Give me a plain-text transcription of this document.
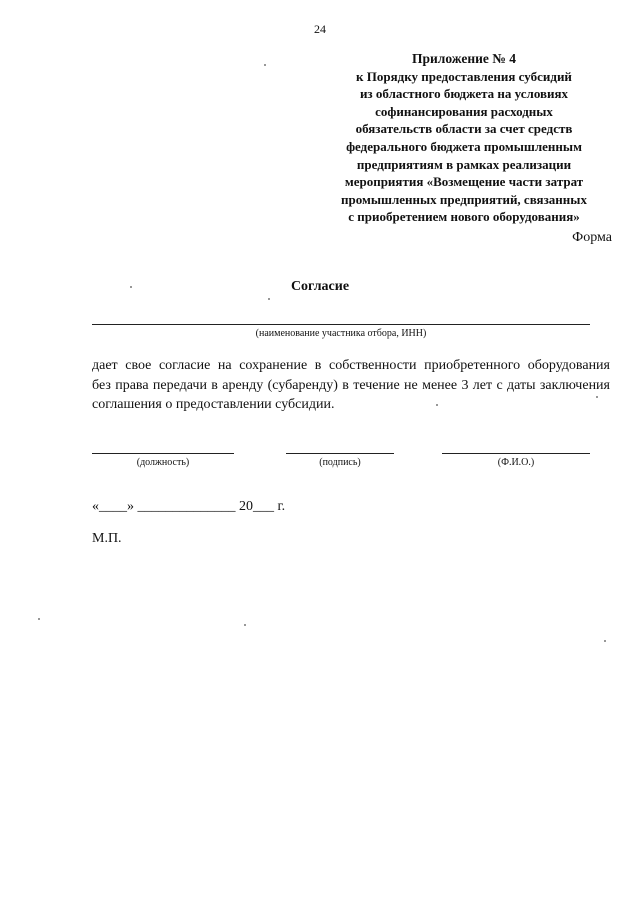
24
Приложение № 4
к Порядку предоставления субсидий
из областного бюджета на условиях
софинансирования расходных
обязательств области за счет средств
федерального бюджета промышленным
предприятиям в рамках реализации
мероприятия «Возмещение части затрат
промышленных предприятий, связанных
с приобретением нового оборудования»
Форма
Согласие
(наименование участника отбора, ИНН)
дает свое согласие на сохранение в собственности приобретенного оборудования
без права передачи в аренду (субаренду) в течение не менее 3 лет с даты заключения
соглашения о предоставлении субсидии.
(должность)	(подпись)	(Ф.И.О.)
«____» ______________ 20___ г.
М.П.
